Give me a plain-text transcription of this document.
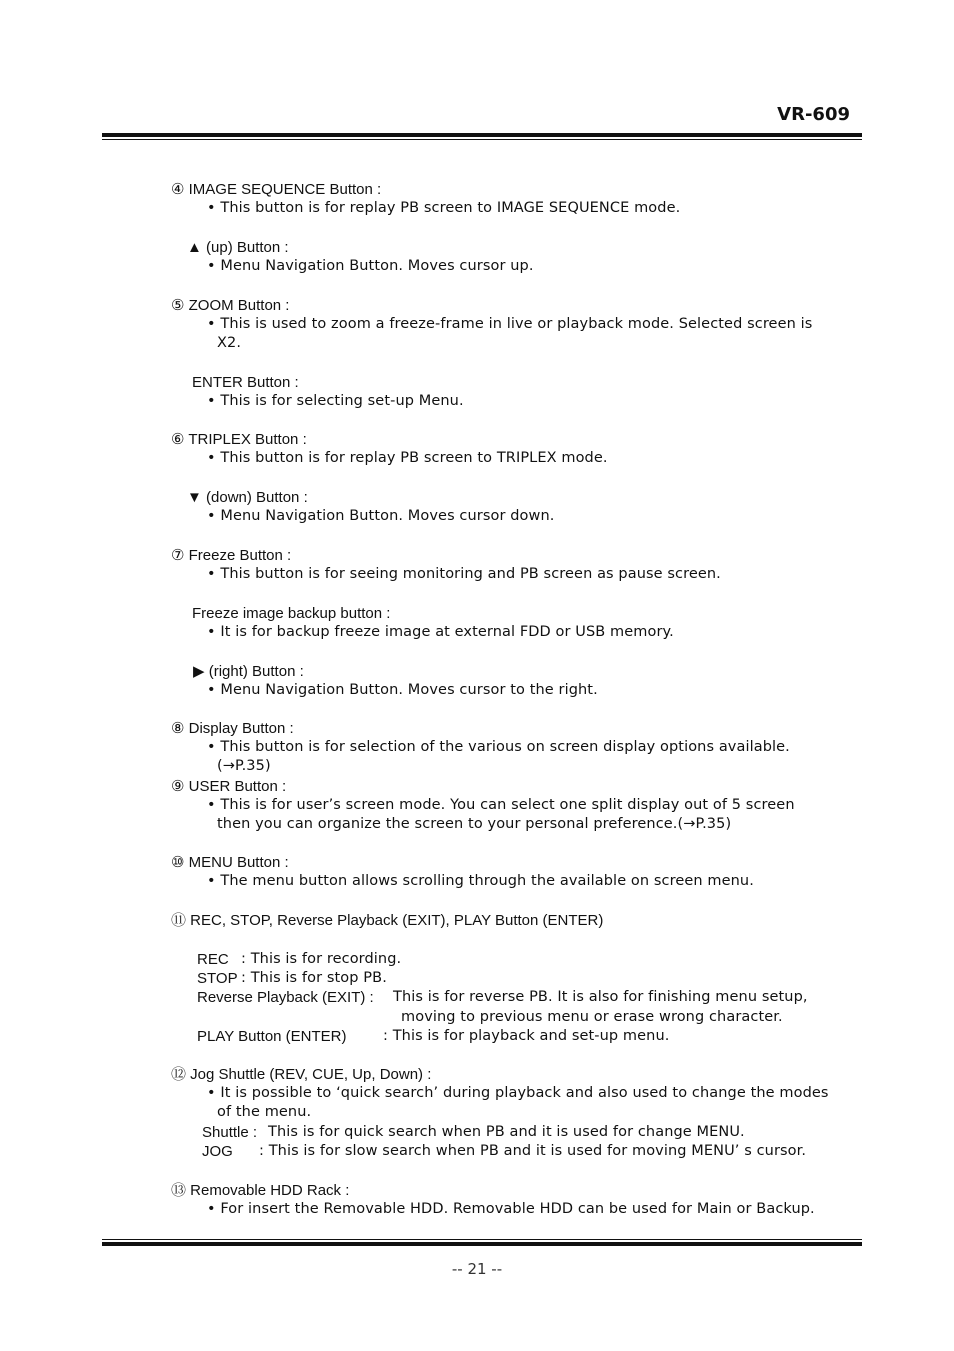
VR-609
④ IMAGE SEQUENCE Button :
• This button is for replay PB screen to IMAGE SEQUENCE mode.
▲ (up) Button :
• Menu Navigation Button. Moves cursor up.
⑤ ZOOM Button :
• This is used to zoom a freeze-frame in live or playback mode. Selected screen is
X2.
ENTER Button :
• This is for selecting set-up Menu.
⑥ TRIPLEX Button :
• This button is for replay PB screen to TRIPLEX mode.
▼ (down) Button :
• Menu Navigation Button. Moves cursor down.
⑦ Freeze Button :
• This button is for seeing monitoring and PB screen as pause screen.
Freeze image backup button :
• It is for backup freeze image at external FDD or USB memory.
▶ (right) Button :
• Menu Navigation Button. Moves cursor to the right.
⑧ Display Button :
• This button is for selection of the various on screen display options available.
(→P.35)
⑨ USER Button :
• This is for user’s screen mode. You can select one split display out of 5 screen
then you can organize the screen to your personal preference.(→P.35)
⑩ MENU Button :
• The menu button allows scrolling through the available on screen menu.
⑪ REC, STOP, Reverse Playback (EXIT), PLAY Button (ENTER)
REC : This is for recording.
STOP : This is for stop PB.
Reverse Playback (EXIT) : This is for reverse PB. It is also for finishing menu setup,
moving to previous menu or erase wrong character.
PLAY Button (ENTER)	: This is for playback and set-up menu.
⑫ Jog Shuttle (REV, CUE, Up, Down) :
• It is possible to ‘quick search’ during playback and also used to change the modes
of the menu.
Shuttle : This is for quick search when PB and it is used for change MENU.
JOG : This is for slow search when PB and it is used for moving MENU’ s cursor.
⑬ Removable HDD Rack :
• For insert the Removable HDD. Removable HDD can be used for Main or Backup.
-- 21 --
